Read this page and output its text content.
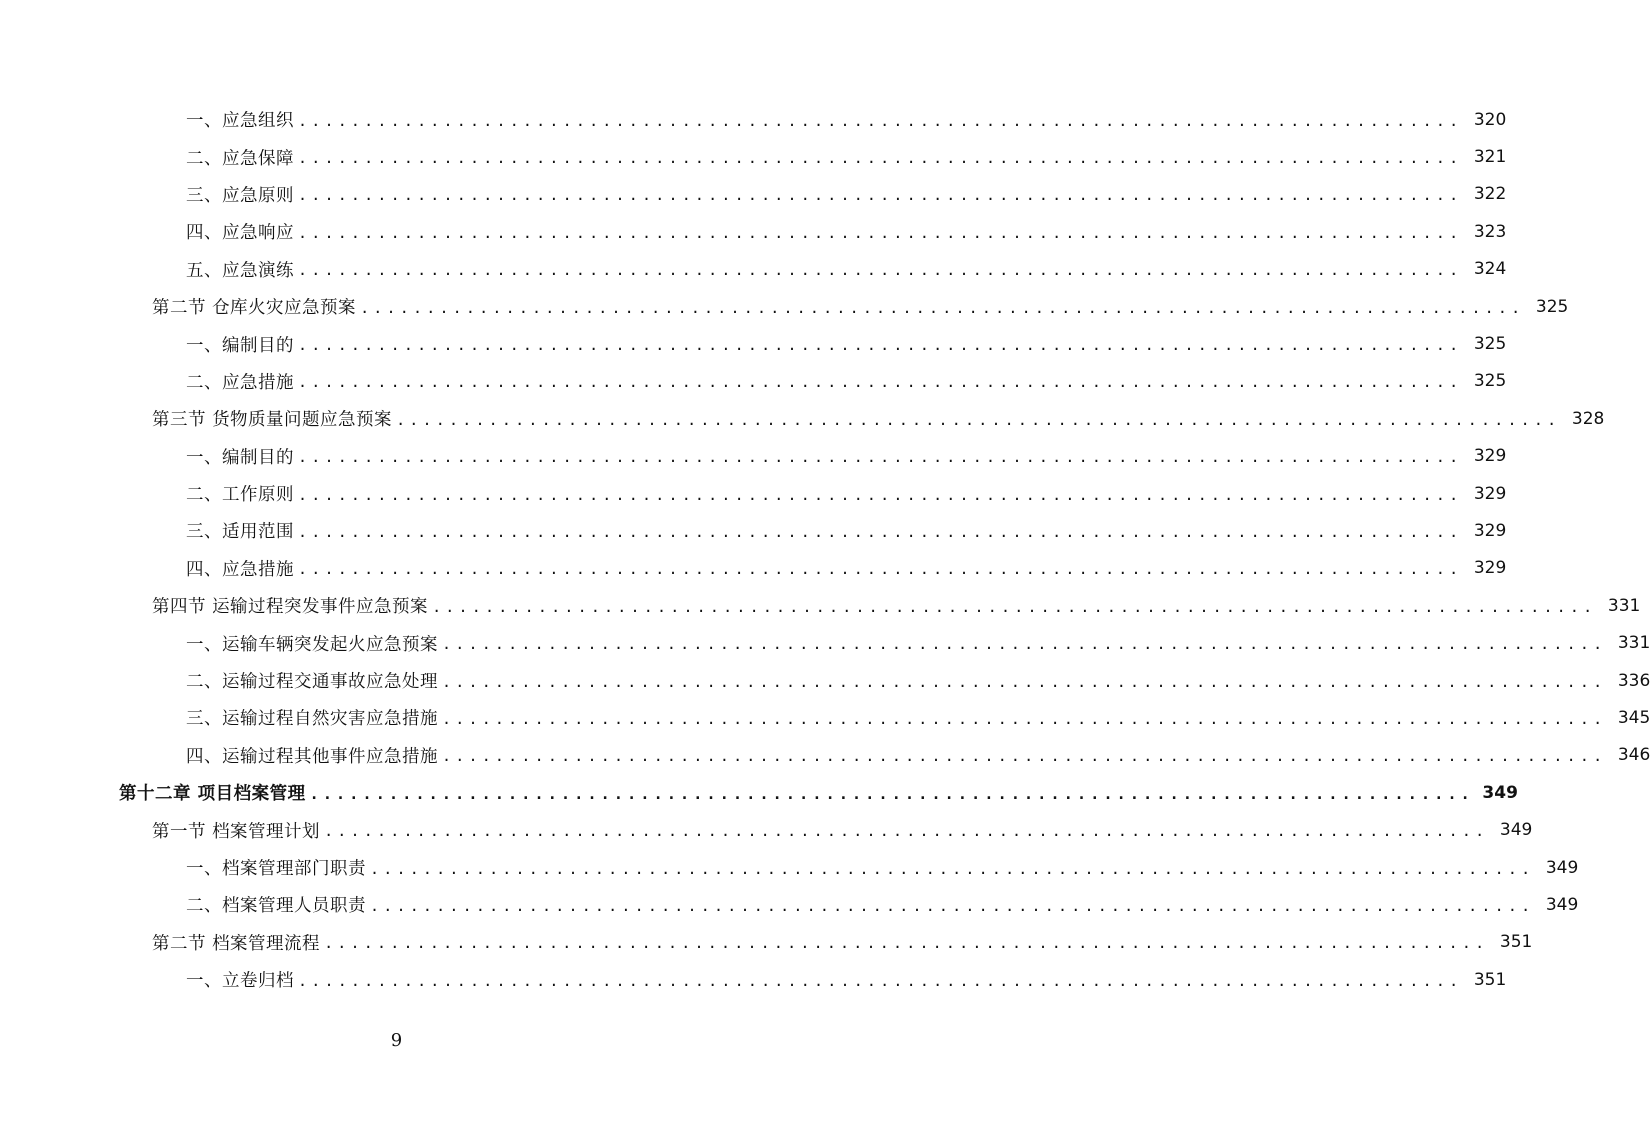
一、应急组织 ........................................................................................ 320
二、应急保障 ........................................................................................ 321
三、应急原则 ........................................................................................ 322
四、应急响应 ........................................................................................ 323
五、应急演练 ........................................................................................ 324
第二节 仓库火灾应急预案 ........................................................................................ 325
一、编制目的 ........................................................................................ 325
二、应急措施 ........................................................................................ 325
第三节 货物质量问题应急预案 ........................................................................................ 328
一、编制目的 ........................................................................................ 329
二、工作原则 ........................................................................................ 329
三、适用范围 ........................................................................................ 329
四、应急措施 ........................................................................................ 329
第四节 运输过程突发事件应急预案 ........................................................................................ 331
一、运输车辆突发起火应急预案 ........................................................................................ 331
二、运输过程交通事故应急处理 ........................................................................................ 336
三、运输过程自然灾害应急措施 ........................................................................................ 345
四、运输过程其他事件应急措施 ........................................................................................ 346
第十二章 项目档案管理 ........................................................................................ 349
第一节 档案管理计划 ........................................................................................ 349
一、档案管理部门职责 ........................................................................................ 349
二、档案管理人员职责 ........................................................................................ 349
第二节 档案管理流程 ........................................................................................ 351
一、立卷归档 ........................................................................................ 351
9
